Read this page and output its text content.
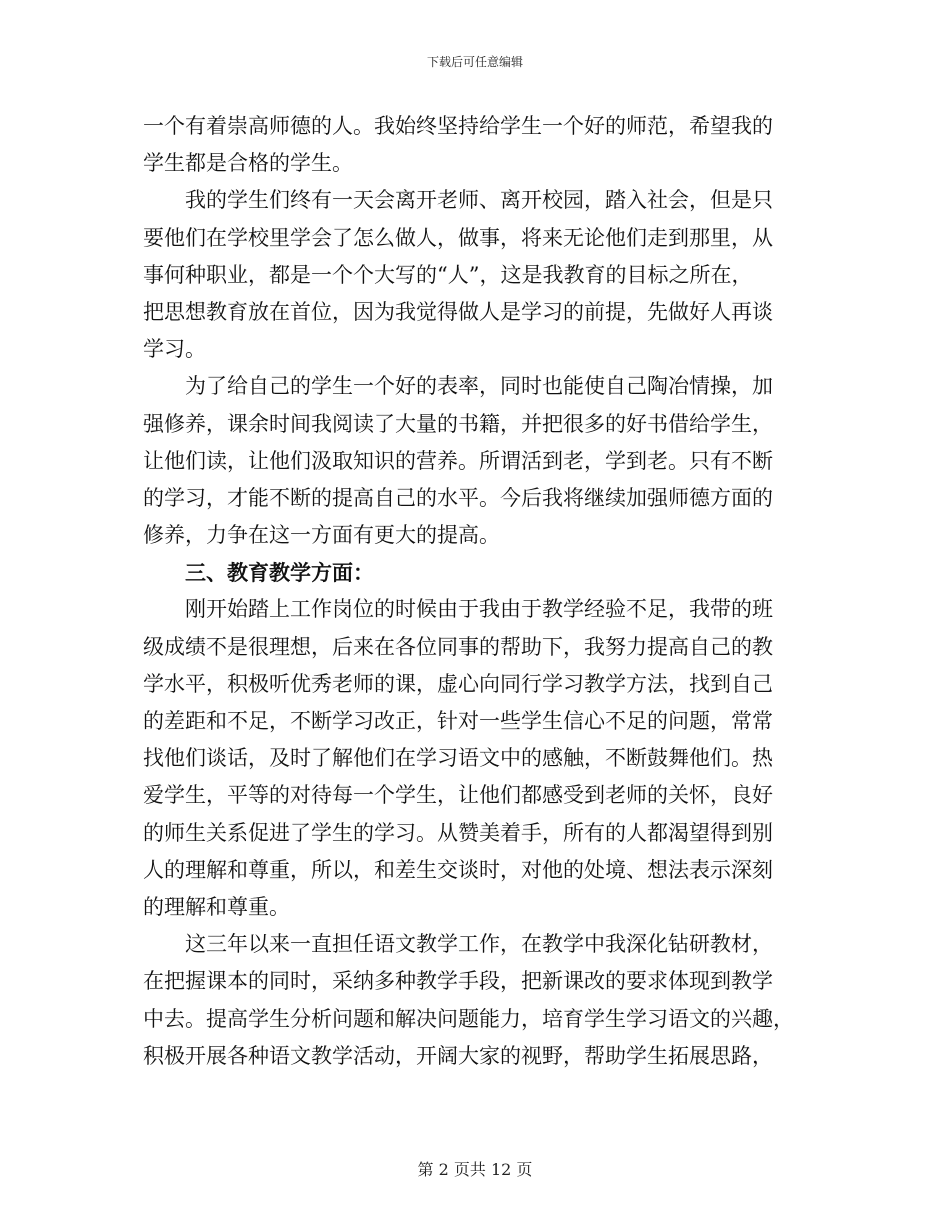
下载后可任意编辑
一个有着崇高师德的人。我始终坚持给学生一个好的师范，希望我的
学生都是合格的学生。
我的学生们终有一天会离开老师、离开校园，踏入社会，但是只
要他们在学校里学会了怎么做人，做事，将来无论他们走到那里，从
事何种职业，都是一个个大写的“人”，这是我教育的目标之所在，
把思想教育放在首位，因为我觉得做人是学习的前提，先做好人再谈
学习。
为了给自己的学生一个好的表率，同时也能使自己陶冶情操，加
强修养，课余时间我阅读了大量的书籍，并把很多的好书借给学生，
让他们读，让他们汲取知识的营养。所谓活到老，学到老。只有不断
的学习，才能不断的提高自己的水平。今后我将继续加强师德方面的
修养，力争在这一方面有更大的提高。
三、教育教学方面：
刚开始踏上工作岗位的时候由于我由于教学经验不足，我带的班
级成绩不是很理想，后来在各位同事的帮助下，我努力提高自己的教
学水平，积极听优秀老师的课，虚心向同行学习教学方法，找到自己
的差距和不足，不断学习改正，针对一些学生信心不足的问题，常常
找他们谈话，及时了解他们在学习语文中的感触，不断鼓舞他们。热
爱学生，平等的对待每一个学生，让他们都感受到老师的关怀，良好
的师生关系促进了学生的学习。从赞美着手，所有的人都渴望得到别
人的理解和尊重，所以，和差生交谈时，对他的处境、想法表示深刻
的理解和尊重。
这三年以来一直担任语文教学工作，在教学中我深化钻研教材，
在把握课本的同时，采纳多种教学手段，把新课改的要求体现到教学
中去。提高学生分析问题和解决问题能力，培育学生学习语文的兴趣，
积极开展各种语文教学活动，开阔大家的视野，帮助学生拓展思路，
第 2 页共 12 页
